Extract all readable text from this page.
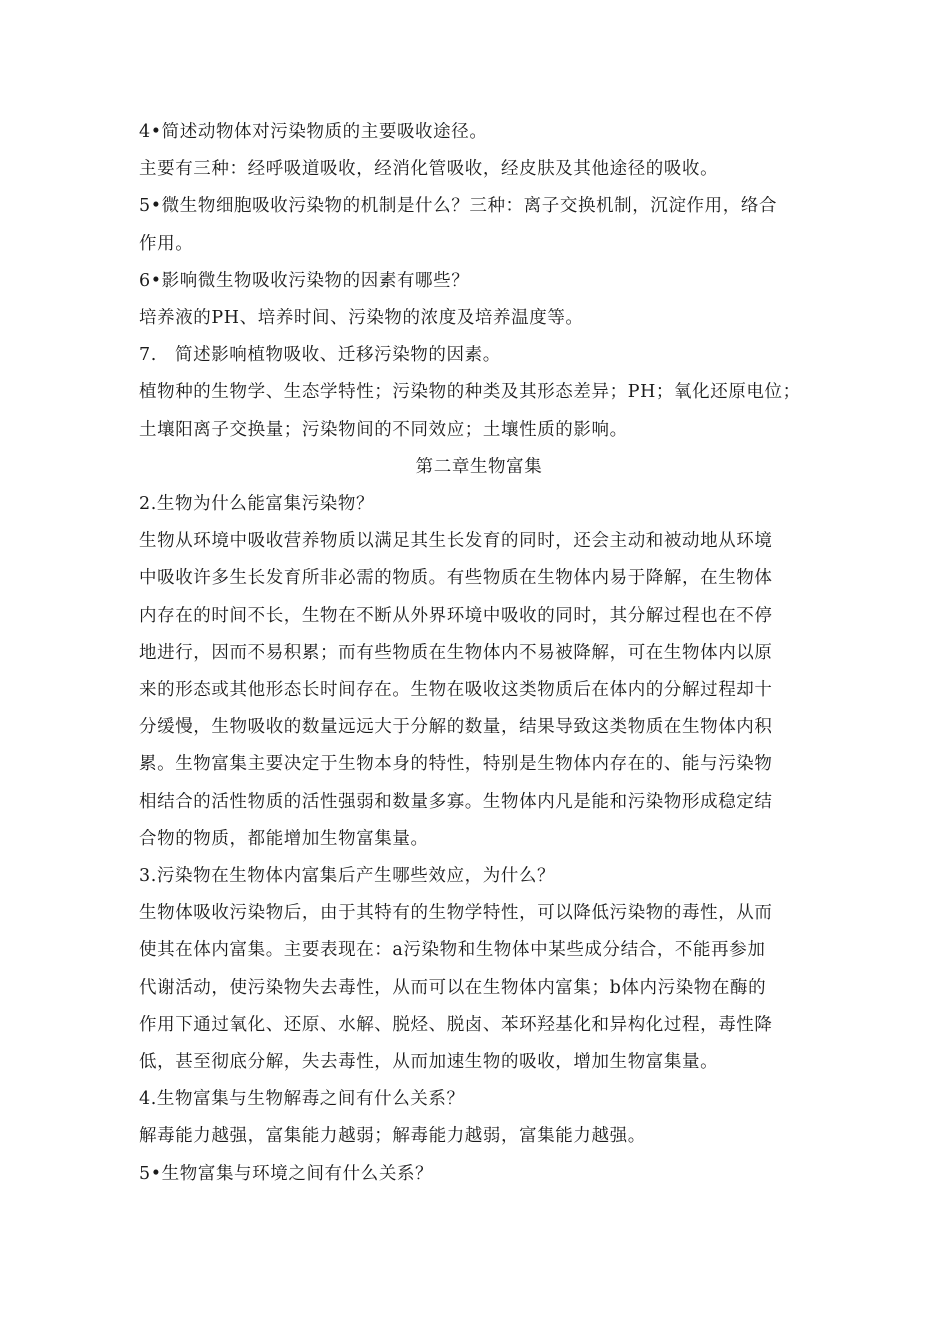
4•简述动物体对污染物质的主要吸收途径。

主要有三种：经呼吸道吸收，经消化管吸收，经皮肤及其他途径的吸收。

5•微生物细胞吸收污染物的机制是什么？三种：离子交换机制，沉淀作用，络合

作用。

6•影响微生物吸收污染物的因素有哪些？

培养液的PH、培养时间、污染物的浓度及培养温度等。

7.　简述影响植物吸收、迁移污染物的因素。

植物种的生物学、生态学特性；污染物的种类及其形态差异；PH；氧化还原电位；

土壤阳离子交换量；污染物间的不同效应；土壤性质的影响。

第二章生物富集

2.生物为什么能富集污染物？

生物从环境中吸收营养物质以满足其生长发育的同时，还会主动和被动地从环境

中吸收许多生长发育所非必需的物质。有些物质在生物体内易于降解，在生物体

内存在的时间不长，生物在不断从外界环境中吸收的同时，其分解过程也在不停

地进行，因而不易积累；而有些物质在生物体内不易被降解，可在生物体内以原

来的形态或其他形态长时间存在。生物在吸收这类物质后在体内的分解过程却十

分缓慢，生物吸收的数量远远大于分解的数量，结果导致这类物质在生物体内积

累。生物富集主要决定于生物本身的特性，特别是生物体内存在的、能与污染物

相结合的活性物质的活性强弱和数量多寡。生物体内凡是能和污染物形成稳定结

合物的物质，都能增加生物富集量。

3.污染物在生物体内富集后产生哪些效应，为什么？

生物体吸收污染物后，由于其特有的生物学特性，可以降低污染物的毒性，从而

使其在体内富集。主要表现在：a污染物和生物体中某些成分结合，不能再参加

代谢活动，使污染物失去毒性，从而可以在生物体内富集；b体内污染物在酶的

作用下通过氧化、还原、水解、脱烃、脱卤、苯环羟基化和异构化过程，毒性降

低，甚至彻底分解，失去毒性，从而加速生物的吸收，增加生物富集量。

4.生物富集与生物解毒之间有什么关系？

解毒能力越强，富集能力越弱；解毒能力越弱，富集能力越强。

5•生物富集与环境之间有什么关系？
